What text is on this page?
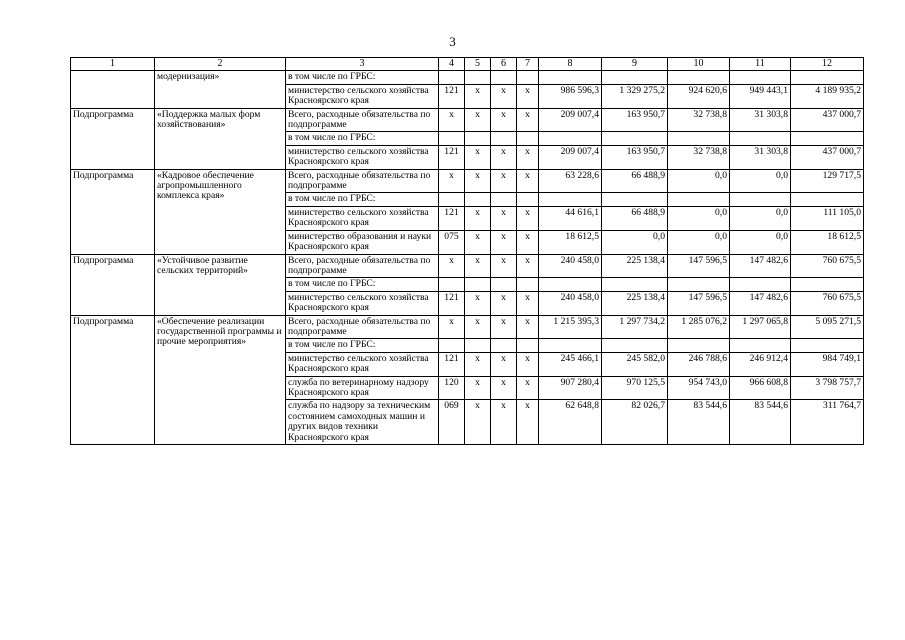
3
1	2	3	4	5	6	7	8	9	10	11	12
	модернизация»	в том числе по ГРБС:									
		министерство сельского хозяйства Красноярского края	121	x	x	x	986 596,3	1 329 275,2	924 620,6	949 443,1	4 189 935,2
Подпрограмма	«Поддержка малых форм хозяйствования»	Всего, расходные обязательства по подпрограмме	x	x	x	x	209 007,4	163 950,7	32 738,8	31 303,8	437 000,7
		в том числе по ГРБС:									
		министерство сельского хозяйства Красноярского края	121	x	x	x	209 007,4	163 950,7	32 738,8	31 303,8	437 000,7
Подпрограмма	«Кадровое обеспечение агропромышленного комплекса края»	Всего, расходные обязательства по подпрограмме	x	x	x	x	63 228,6	66 488,9	0,0	0,0	129 717,5
		в том числе по ГРБС:									
		министерство сельского хозяйства Красноярского края	121	x	x	x	44 616,1	66 488,9	0,0	0,0	111 105,0
		министерство образования и науки Красноярского края	075	x	x	x	18 612,5	0,0	0,0	0,0	18 612,5
Подпрограмма	«Устойчивое развитие сельских территорий»	Всего, расходные обязательства по подпрограмме	x	x	x	x	240 458,0	225 138,4	147 596,5	147 482,6	760 675,5
		в том числе по ГРБС:									
		министерство сельского хозяйства Красноярского края	121	x	x	x	240 458,0	225 138,4	147 596,5	147 482,6	760 675,5
Подпрограмма	«Обеспечение реализации государственной программы и прочие мероприятия»	Всего, расходные обязательства по подпрограмме	x	x	x	x	1 215 395,3	1 297 734,2	1 285 076,2	1 297 065,8	5 095 271,5
		в том числе по ГРБС:									
		министерство сельского хозяйства Красноярского края	121	x	x	x	245 466,1	245 582,0	246 788,6	246 912,4	984 749,1
		служба по ветеринарному надзору Красноярского края	120	x	x	x	907 280,4	970 125,5	954 743,0	966 608,8	3 798 757,7
		служба по надзору за техническим состоянием самоходных машин и других видов техники Красноярского края	069	x	x	x	62 648,8	82 026,7	83 544,6	83 544,6	311 764,7
